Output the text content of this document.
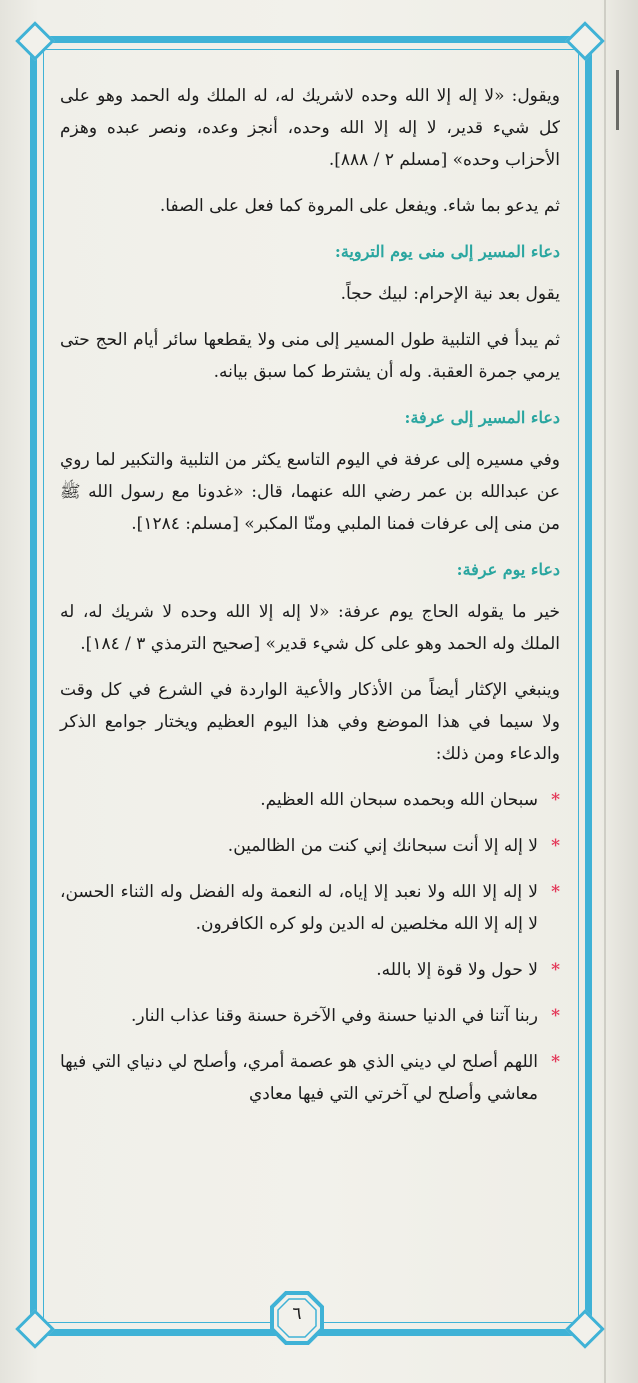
ويقول: «لا إله إلا الله وحده لاشريك له، له الملك وله الحمد وهو على كل شيء قدير، لا إله إلا الله وحده، أنجز وعده، ونصر عبده وهزم الأحزاب وحده» [مسلم ٢ / ٨٨٨].

ثم يدعو بما شاء. ويفعل على المروة كما فعل على الصفا.

دعاء المسير إلى منى يوم التروية:

يقول بعد نية الإحرام: لبيك حجاً.

ثم يبدأ في التلبية طول المسير إلى منى ولا يقطعها سائر أيام الحج حتى يرمي جمرة العقبة. وله أن يشترط كما سبق بيانه.

دعاء المسير إلى عرفة:

وفي مسيره إلى عرفة في اليوم التاسع يكثر من التلبية والتكبير لما روي عن عبدالله بن عمر رضي الله عنهما، قال: «غدونا مع رسول الله ﷺ من منى إلى عرفات فمنا الملبي ومنّا المكبر» [مسلم: ١٢٨٤].

دعاء يوم عرفة:

خير ما يقوله الحاج يوم عرفة: «لا إله إلا الله وحده لا شريك له، له الملك وله الحمد وهو على كل شيء قدير» [صحيح الترمذي ٣ / ١٨٤].

وينبغي الإكثار أيضاً من الأذكار والأعية الواردة في الشرع في كل وقت ولا سيما في هذا الموضع وفي هذا اليوم العظيم ويختار جوامع الذكر والدعاء ومن ذلك:

*
سبحان الله وبحمده سبحان الله العظيم.
*
لا إله إلا أنت سبحانك إني كنت من الظالمين.
*
لا إله إلا الله ولا نعبد إلا إياه، له النعمة وله الفضل وله الثناء الحسن، لا إله إلا الله مخلصين له الدين ولو كره الكافرون.
*
لا حول ولا قوة إلا بالله.
*
ربنا آتنا في الدنيا حسنة وفي الآخرة حسنة وقنا عذاب النار.
*
اللهم أصلح لي ديني الذي هو عصمة أمري، وأصلح لي دنياي التي فيها معاشي وأصلح لي آخرتي التي فيها معادي
٦
